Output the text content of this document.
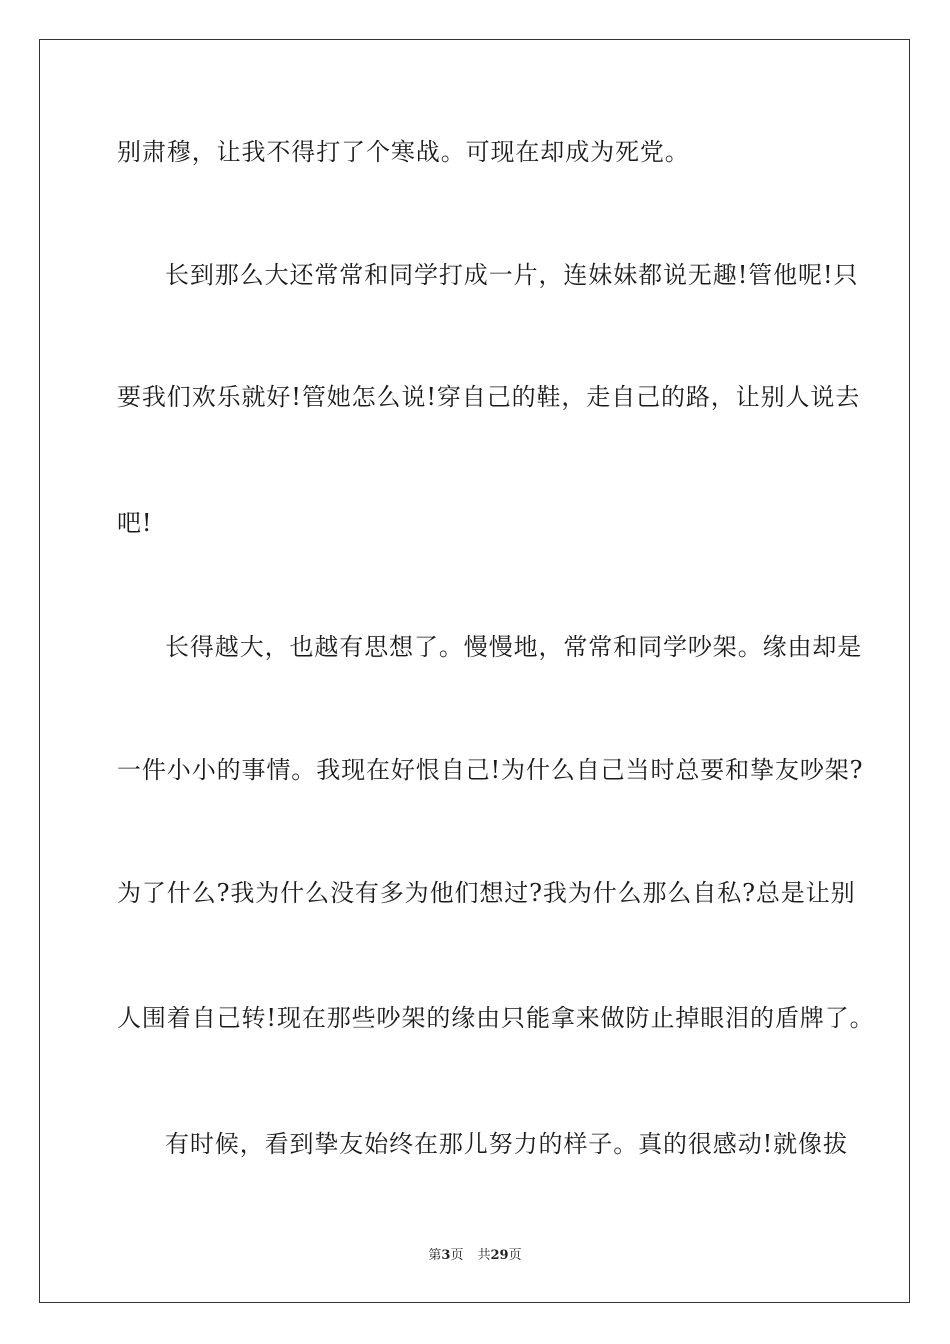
别肃穆，让我不得打了个寒战。可现在却成为死党。
长到那么大还常常和同学打成一片，连妹妹都说无趣!管他呢!只
要我们欢乐就好!管她怎么说!穿自己的鞋，走自己的路，让别人说去
吧!
长得越大，也越有思想了。慢慢地，常常和同学吵架。缘由却是
一件小小的事情。我现在好恨自己!为什么自己当时总要和挚友吵架?
为了什么?我为什么没有多为他们想过?我为什么那么自私?总是让别
人围着自己转!现在那些吵架的缘由只能拿来做防止掉眼泪的盾牌了。
有时候，看到挚友始终在那儿努力的样子。真的很感动!就像拔
第3页 共29页
